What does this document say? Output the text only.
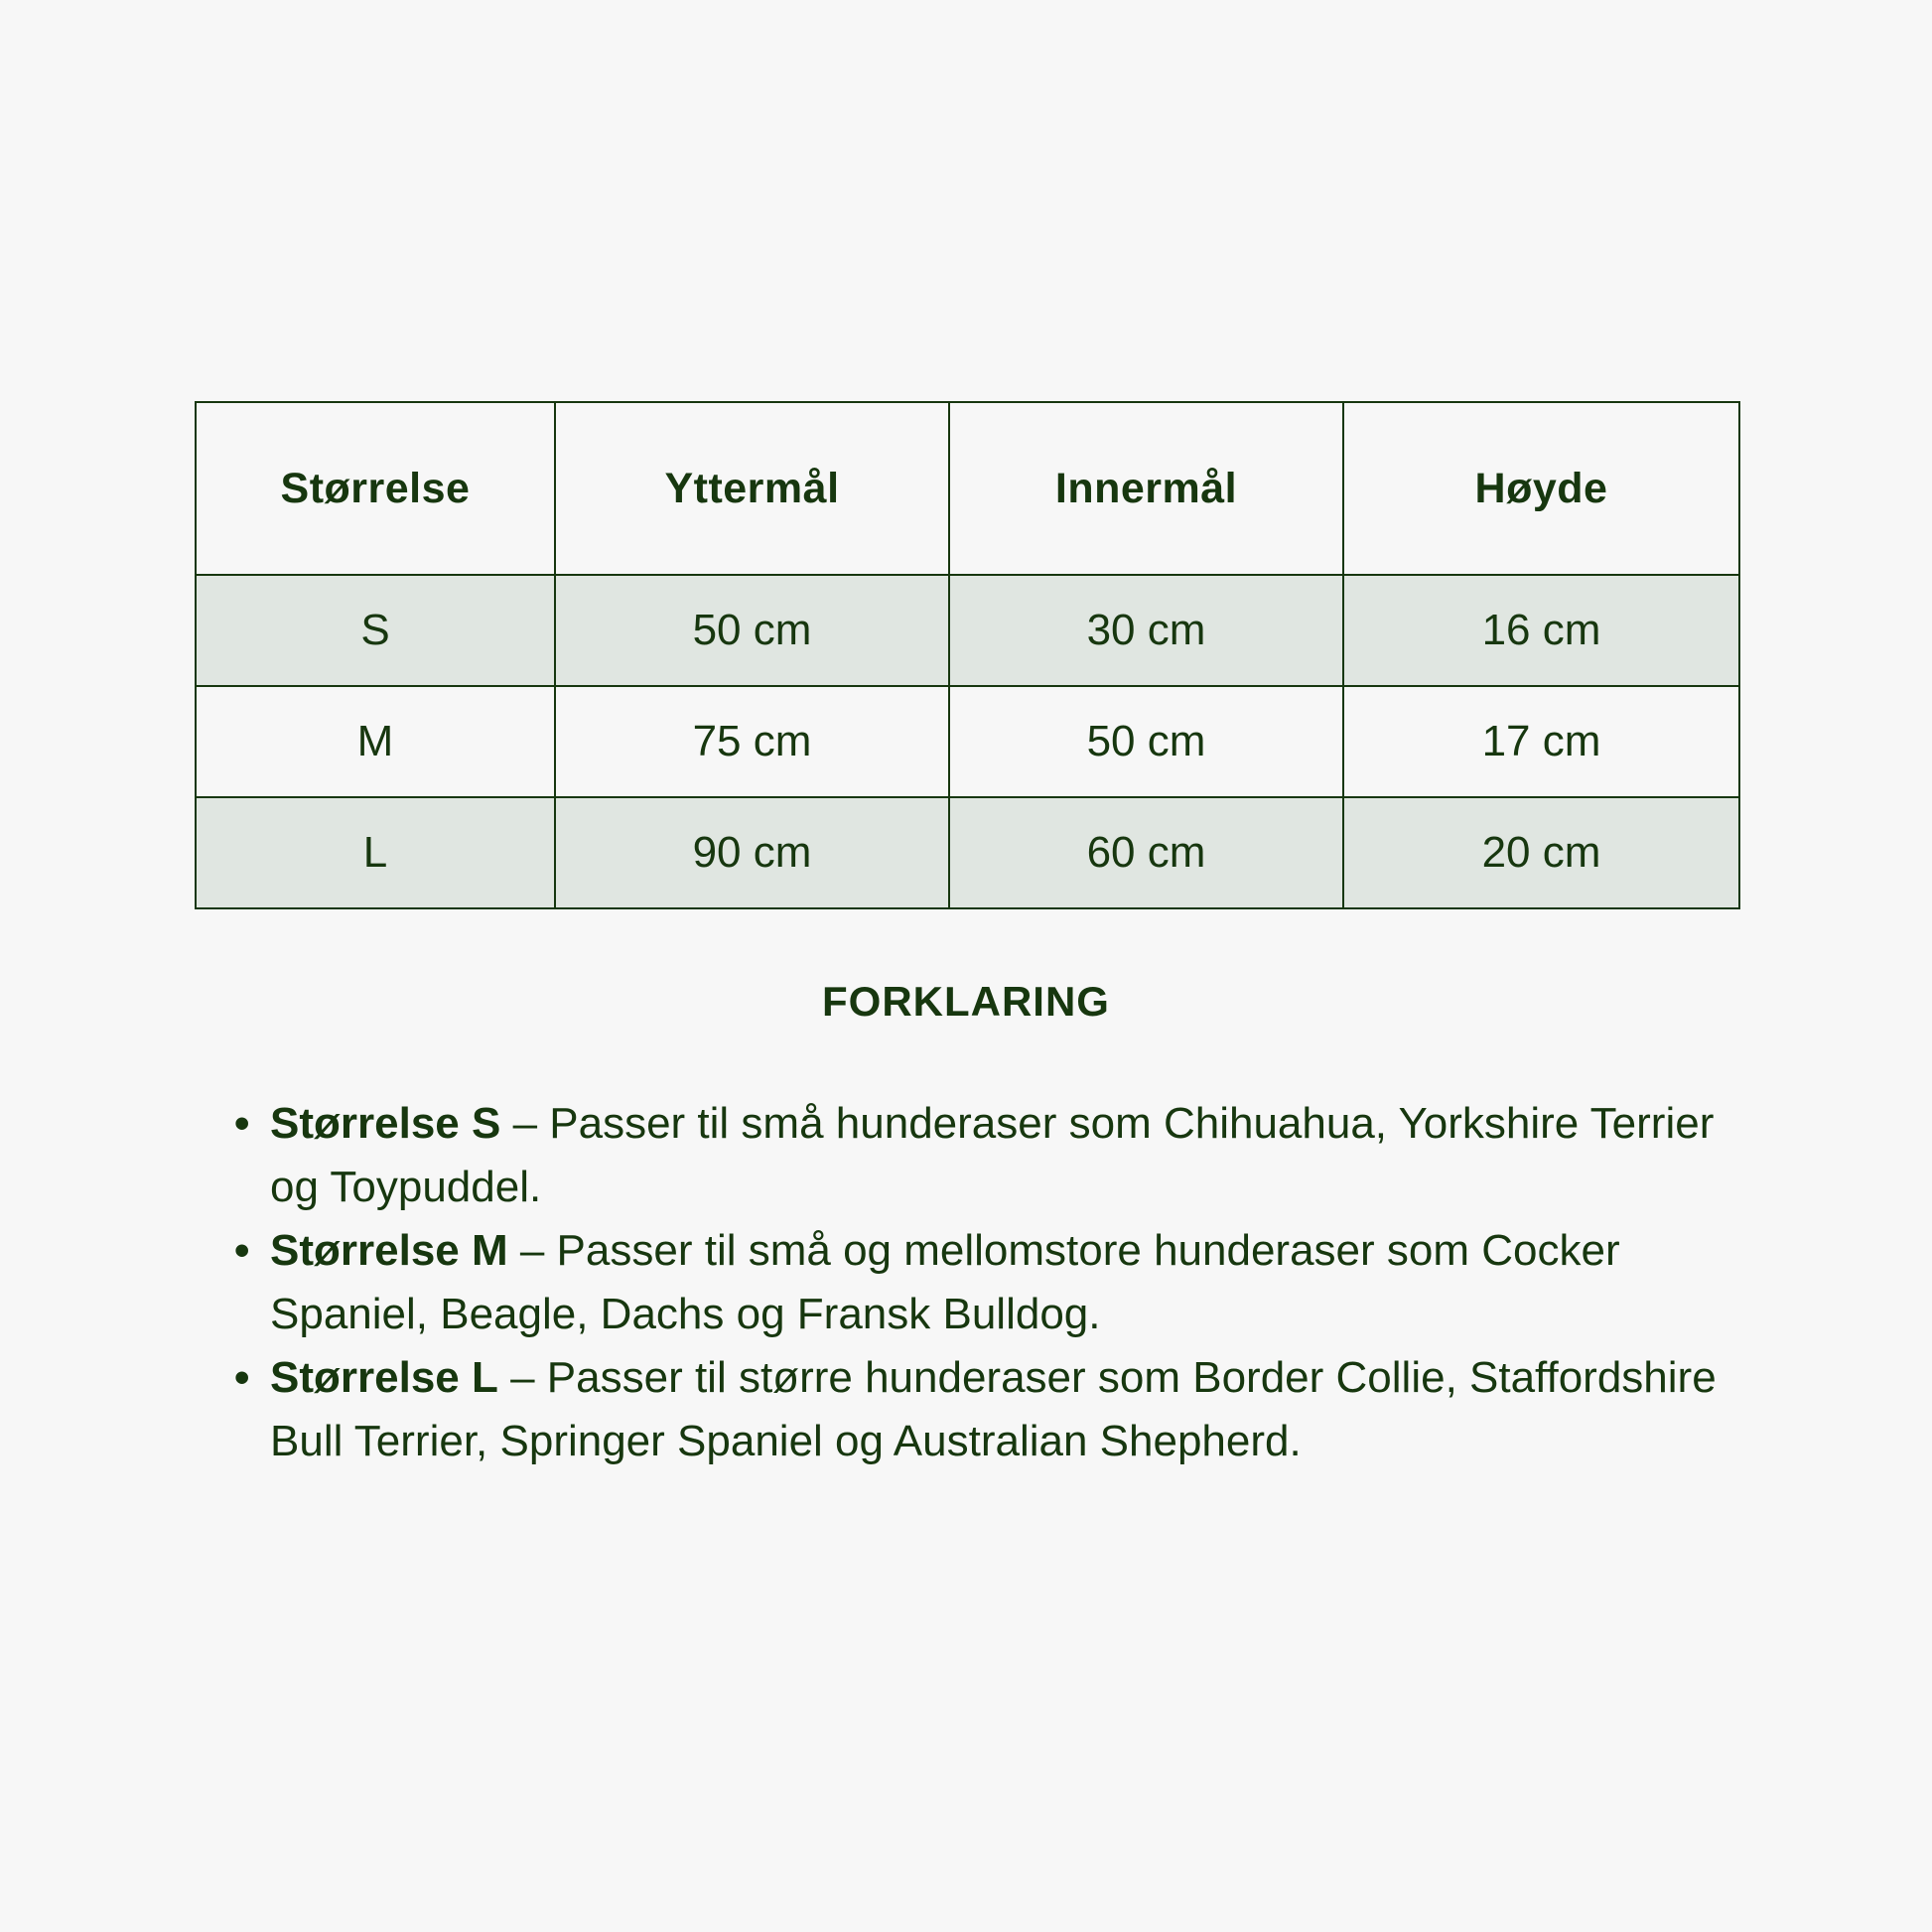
Størrelse	Yttermål	Innermål	Høyde
S	50 cm	30 cm	16 cm
M	75 cm	50 cm	17 cm
L	90 cm	60 cm	20 cm
FORKLARING
• Størrelse S – Passer til små hunderaser som Chihuahua, Yorkshire Terrier og Toypuddel.
• Størrelse M – Passer til små og mellomstore hunderaser som Cocker Spaniel, Beagle, Dachs og Fransk Bulldog.
• Størrelse L – Passer til større hunderaser som Border Collie, Staffordshire Bull Terrier, Springer Spaniel og Australian Shepherd.
